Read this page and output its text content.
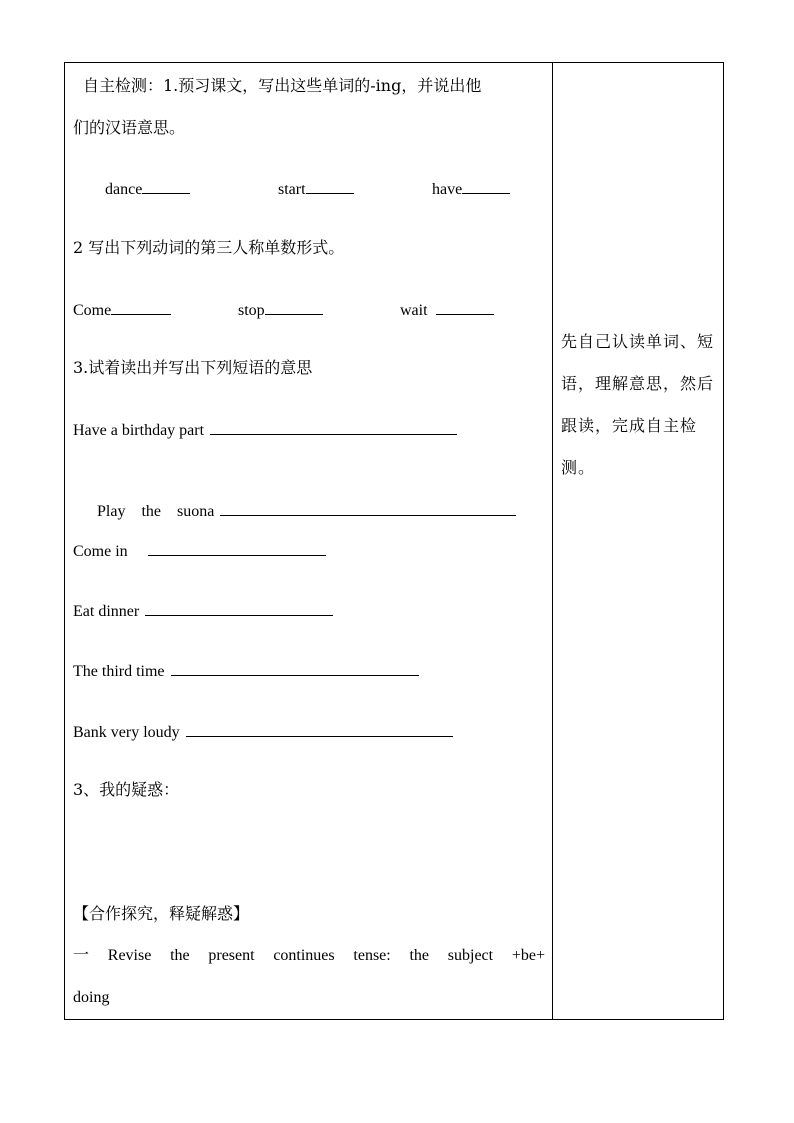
自主检测：1.预习课文，写出这些单词的-ing，并说出他
们的汉语意思。
dance	start	have
2 写出下列动词的第三人称单数形式。
Come	stop	wait
3.试着读出并写出下列短语的意思
Have a birthday part

Play    the    suona

Come in
Eat dinner
The third time
Bank very loudy
3、我的疑惑：
【合作探究，释疑解惑】
一 Revise the present continues tense: the subject +be+
doing
先自己认读单词、短语，理解意思，然后跟读，完成自主检测。
